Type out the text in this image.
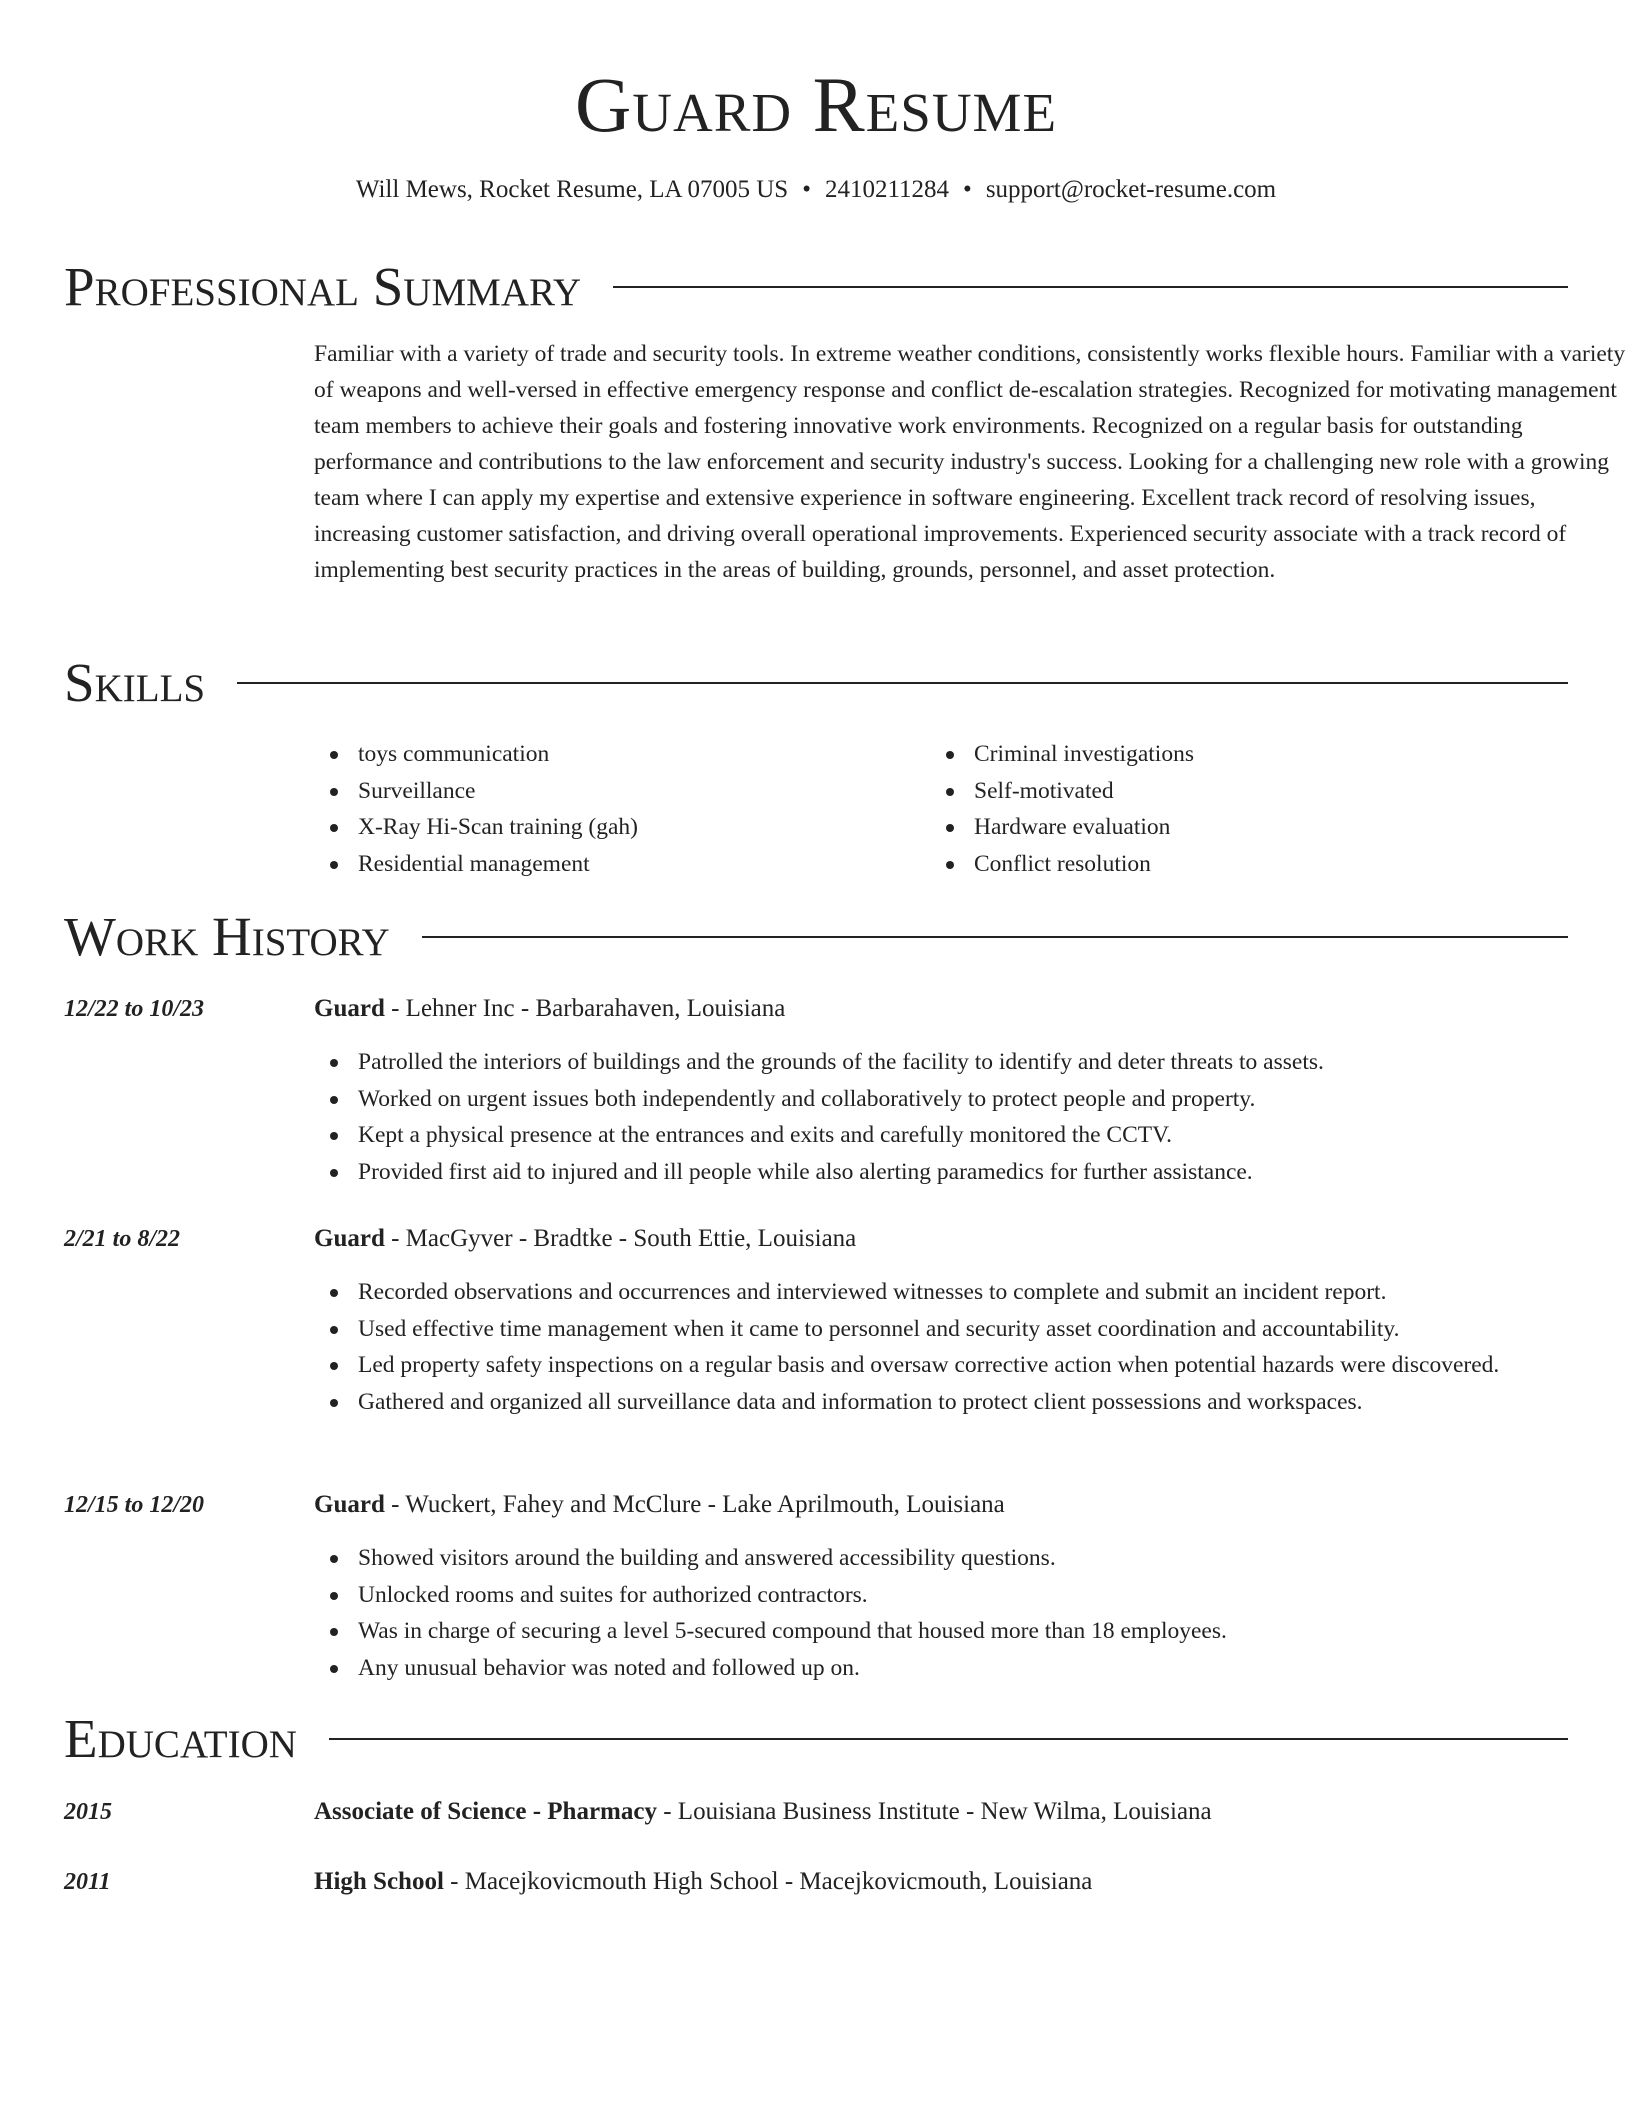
Guard Resume
Will Mews, Rocket Resume, LA 07005 US • 2410211284 • support@rocket-resume.com
Professional Summary
Familiar with a variety of trade and security tools. In extreme weather conditions, consistently works flexible hours. Familiar with a variety of weapons and well-versed in effective emergency response and conflict de-escalation strategies. Recognized for motivating management team members to achieve their goals and fostering innovative work environments. Recognized on a regular basis for outstanding performance and contributions to the law enforcement and security industry's success. Looking for a challenging new role with a growing team where I can apply my expertise and extensive experience in software engineering. Excellent track record of resolving issues, increasing customer satisfaction, and driving overall operational improvements. Experienced security associate with a track record of implementing best security practices in the areas of building, grounds, personnel, and asset protection.
Skills
toys communication
Surveillance
X-Ray Hi-Scan training (gah)
Residential management
Criminal investigations
Self-motivated
Hardware evaluation
Conflict resolution
Work History
12/22 to 10/23	Guard - Lehner Inc - Barbarahaven, Louisiana
Patrolled the interiors of buildings and the grounds of the facility to identify and deter threats to assets.
Worked on urgent issues both independently and collaboratively to protect people and property.
Kept a physical presence at the entrances and exits and carefully monitored the CCTV.
Provided first aid to injured and ill people while also alerting paramedics for further assistance.
2/21 to 8/22	Guard - MacGyver - Bradtke - South Ettie, Louisiana
Recorded observations and occurrences and interviewed witnesses to complete and submit an incident report.
Used effective time management when it came to personnel and security asset coordination and accountability.
Led property safety inspections on a regular basis and oversaw corrective action when potential hazards were discovered.
Gathered and organized all surveillance data and information to protect client possessions and workspaces.
12/15 to 12/20	Guard - Wuckert, Fahey and McClure - Lake Aprilmouth, Louisiana
Showed visitors around the building and answered accessibility questions.
Unlocked rooms and suites for authorized contractors.
Was in charge of securing a level 5-secured compound that housed more than 18 employees.
Any unusual behavior was noted and followed up on.
Education
2015	Associate of Science - Pharmacy - Louisiana Business Institute - New Wilma, Louisiana
2011	High School - Macejkovicmouth High School - Macejkovicmouth, Louisiana
